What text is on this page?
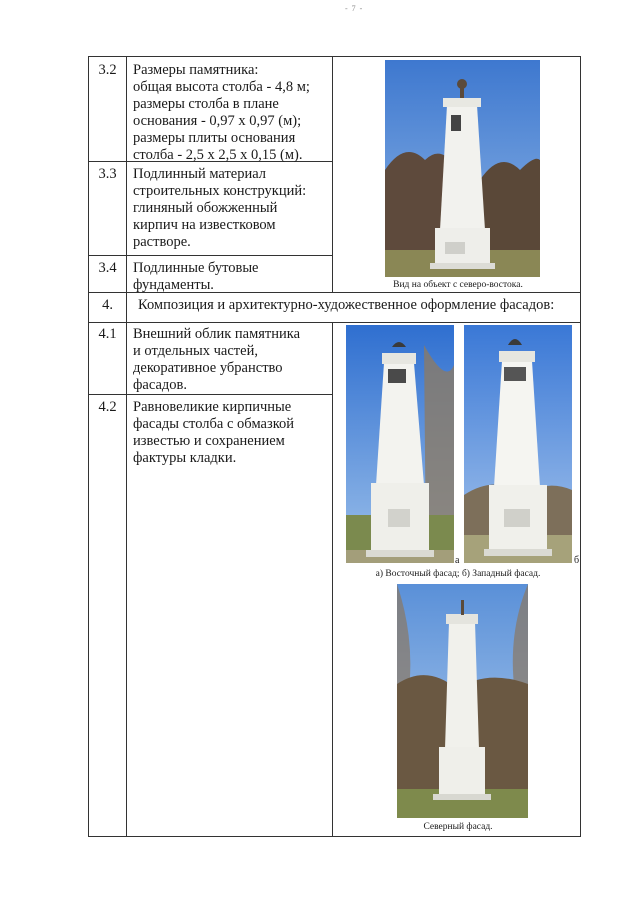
- 7 -
3.2
3.3
3.4
4.
4.1
4.2
Размеры памятника:
общая высота столба - 4,8 м;
размеры столба в плане
основания - 0,97 х 0,97 (м);
размеры плиты основания
столба - 2,5 х 2,5 х 0,15 (м).
Подлинный материал
строительных конструкций:
глиняный обожженный
кирпич на известковом
растворе.
Подлинные бутовые
фундаменты.
Композиция и архитектурно-художественное оформление фасадов:
Внешний облик памятника
и отдельных частей,
декоративное убранство
фасадов.
Равновеликие кирпичные
фасады столба с обмазкой
известью и сохранением
фактуры кладки.
Вид на объект с северо-востока.
а	б
а) Восточный фасад; б) Западный фасад.
Северный фасад.
